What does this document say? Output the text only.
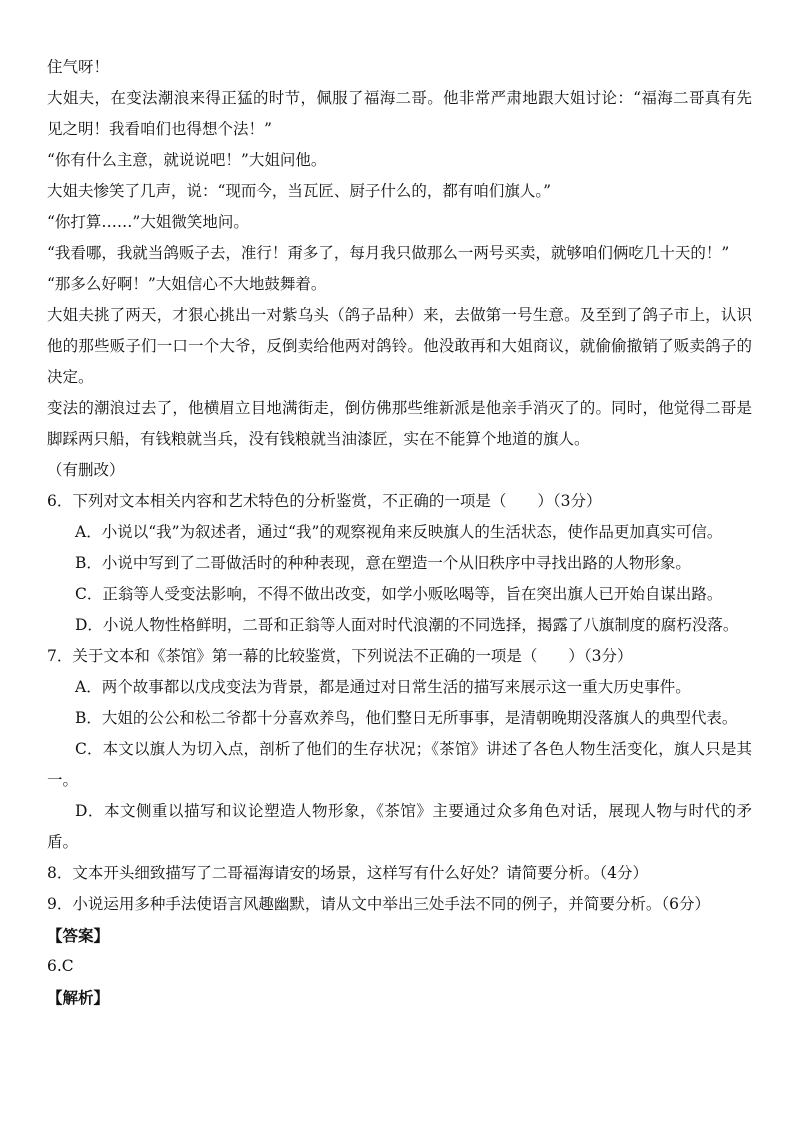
住气呀！

大姐夫，在变法潮浪来得正猛的时节，佩服了福海二哥。他非常严肃地跟大姐讨论：“福海二哥真有先见之明！我看咱们也得想个法！”

“你有什么主意，就说说吧！”大姐问他。

大姐夫惨笑了几声，说：“现而今，当瓦匠、厨子什么的，都有咱们旗人。”

“你打算……”大姐微笑地问。

“我看哪，我就当鸽贩子去，准行！甭多了，每月我只做那么一两号买卖，就够咱们俩吃几十天的！”

“那多么好啊！”大姐信心不大地鼓舞着。

大姐夫挑了两天，才狠心挑出一对紫乌头（鸽子品种）来，去做第一号生意。及至到了鸽子市上，认识他的那些贩子们一口一个大爷，反倒卖给他两对鸽铃。他没敢再和大姐商议，就偷偷撤销了贩卖鸽子的决定。

变法的潮浪过去了，他横眉立目地满街走，倒仿佛那些维新派是他亲手消灭了的。同时，他觉得二哥是脚踩两只船，有钱粮就当兵，没有钱粮就当油漆匠，实在不能算个地道的旗人。

（有删改）

6．下列对文本相关内容和艺术特色的分析鉴赏，不正确的一项是（　　）（3分）

A．小说以“我”为叙述者，通过“我”的观察视角来反映旗人的生活状态，使作品更加真实可信。

B．小说中写到了二哥做活时的种种表现，意在塑造一个从旧秩序中寻找出路的人物形象。

C．正翁等人受变法影响，不得不做出改变，如学小贩吆喝等，旨在突出旗人已开始自谋出路。

D．小说人物性格鲜明，二哥和正翁等人面对时代浪潮的不同选择，揭露了八旗制度的腐朽没落。

7．关于文本和《茶馆》第一幕的比较鉴赏，下列说法不正确的一项是（　　）（3分）

A．两个故事都以戊戌变法为背景，都是通过对日常生活的描写来展示这一重大历史事件。

B．大姐的公公和松二爷都十分喜欢养鸟，他们整日无所事事，是清朝晚期没落旗人的典型代表。

C．本文以旗人为切入点，剖析了他们的生存状况；《茶馆》讲述了各色人物生活变化，旗人只是其一。

D．本文侧重以描写和议论塑造人物形象，《茶馆》主要通过众多角色对话，展现人物与时代的矛盾。

8．文本开头细致描写了二哥福海请安的场景，这样写有什么好处？请简要分析。（4分）

9．小说运用多种手法使语言风趣幽默，请从文中举出三处手法不同的例子，并简要分析。（6分）

【答案】

6.C

【解析】
